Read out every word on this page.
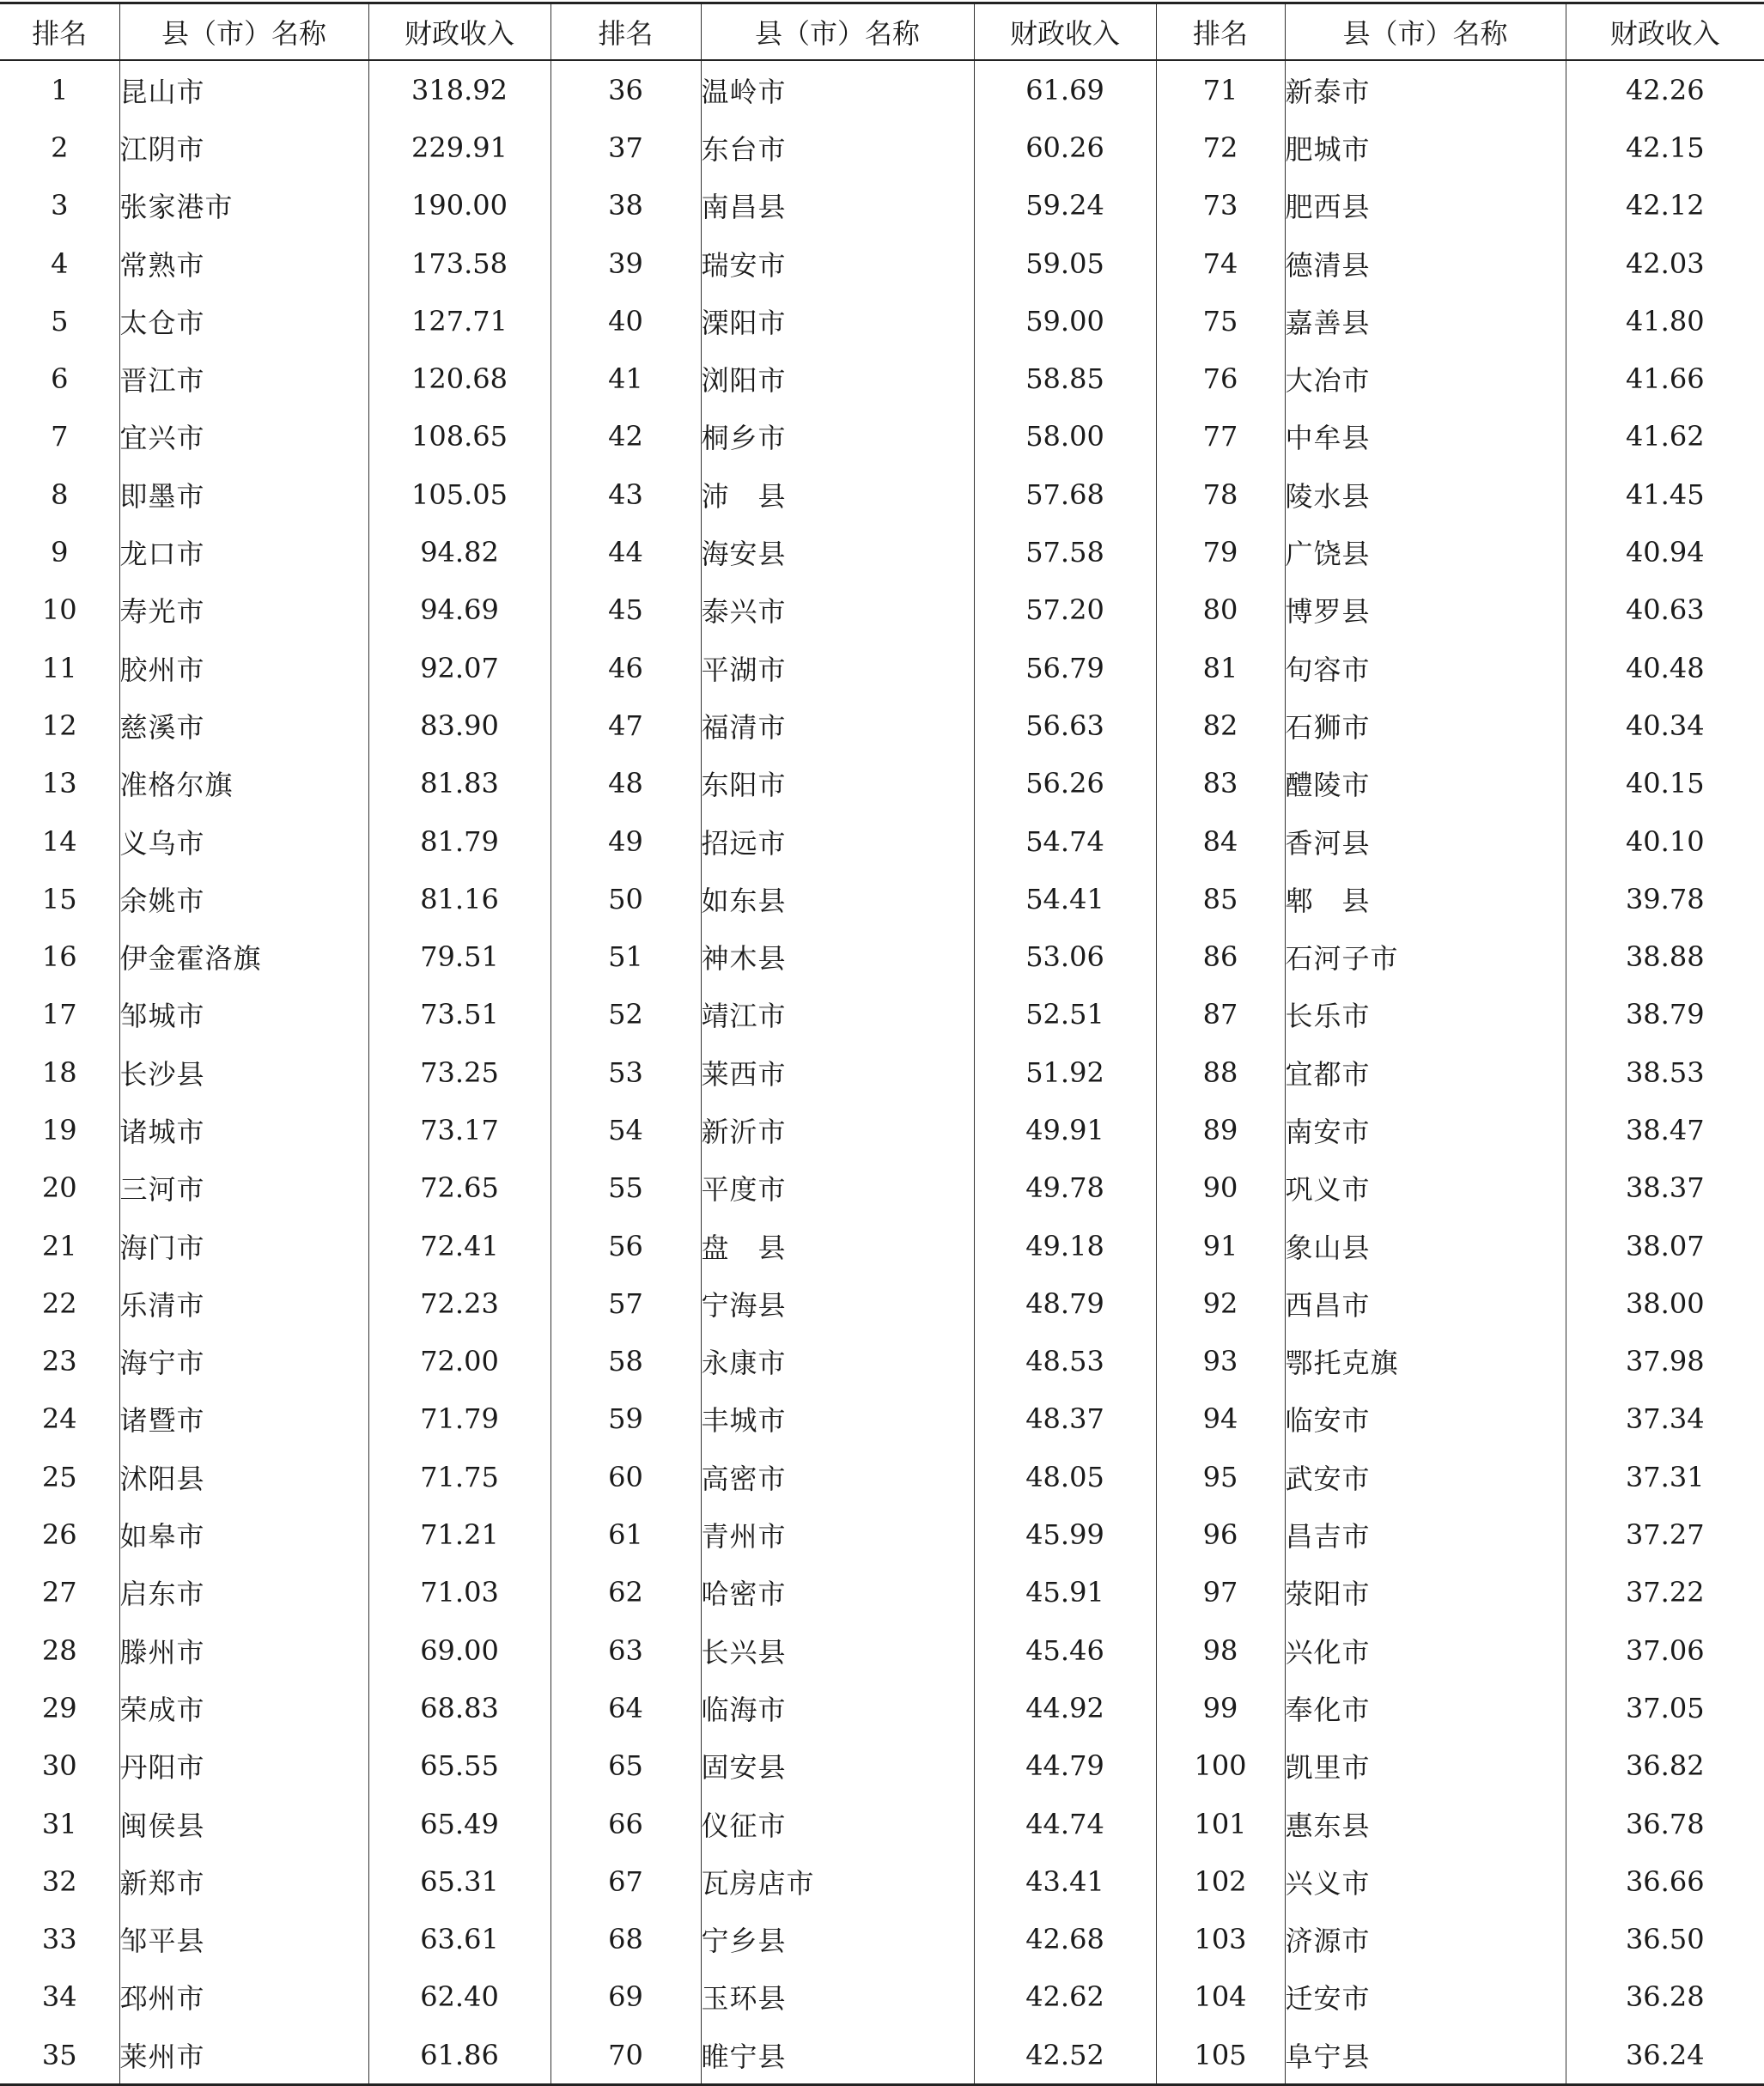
排名	县（市）名称	财政收入	排名	县（市）名称	财政收入	排名	县（市）名称	财政收入
1	昆山市	318.92	36	温岭市	61.69	71	新泰市	42.26
2	江阴市	229.91	37	东台市	60.26	72	肥城市	42.15
3	张家港市	190.00	38	南昌县	59.24	73	肥西县	42.12
4	常熟市	173.58	39	瑞安市	59.05	74	德清县	42.03
5	太仓市	127.71	40	溧阳市	59.00	75	嘉善县	41.80
6	晋江市	120.68	41	浏阳市	58.85	76	大冶市	41.66
7	宜兴市	108.65	42	桐乡市	58.00	77	中牟县	41.62
8	即墨市	105.05	43	沛　县	57.68	78	陵水县	41.45
9	龙口市	94.82	44	海安县	57.58	79	广饶县	40.94
10	寿光市	94.69	45	泰兴市	57.20	80	博罗县	40.63
11	胶州市	92.07	46	平湖市	56.79	81	句容市	40.48
12	慈溪市	83.90	47	福清市	56.63	82	石狮市	40.34
13	准格尔旗	81.83	48	东阳市	56.26	83	醴陵市	40.15
14	义乌市	81.79	49	招远市	54.74	84	香河县	40.10
15	余姚市	81.16	50	如东县	54.41	85	郫　县	39.78
16	伊金霍洛旗	79.51	51	神木县	53.06	86	石河子市	38.88
17	邹城市	73.51	52	靖江市	52.51	87	长乐市	38.79
18	长沙县	73.25	53	莱西市	51.92	88	宜都市	38.53
19	诸城市	73.17	54	新沂市	49.91	89	南安市	38.47
20	三河市	72.65	55	平度市	49.78	90	巩义市	38.37
21	海门市	72.41	56	盘　县	49.18	91	象山县	38.07
22	乐清市	72.23	57	宁海县	48.79	92	西昌市	38.00
23	海宁市	72.00	58	永康市	48.53	93	鄂托克旗	37.98
24	诸暨市	71.79	59	丰城市	48.37	94	临安市	37.34
25	沭阳县	71.75	60	高密市	48.05	95	武安市	37.31
26	如皋市	71.21	61	青州市	45.99	96	昌吉市	37.27
27	启东市	71.03	62	哈密市	45.91	97	荥阳市	37.22
28	滕州市	69.00	63	长兴县	45.46	98	兴化市	37.06
29	荣成市	68.83	64	临海市	44.92	99	奉化市	37.05
30	丹阳市	65.55	65	固安县	44.79	100	凯里市	36.82
31	闽侯县	65.49	66	仪征市	44.74	101	惠东县	36.78
32	新郑市	65.31	67	瓦房店市	43.41	102	兴义市	36.66
33	邹平县	63.61	68	宁乡县	42.68	103	济源市	36.50
34	邳州市	62.40	69	玉环县	42.62	104	迁安市	36.28
35	莱州市	61.86	70	睢宁县	42.52	105	阜宁县	36.24
